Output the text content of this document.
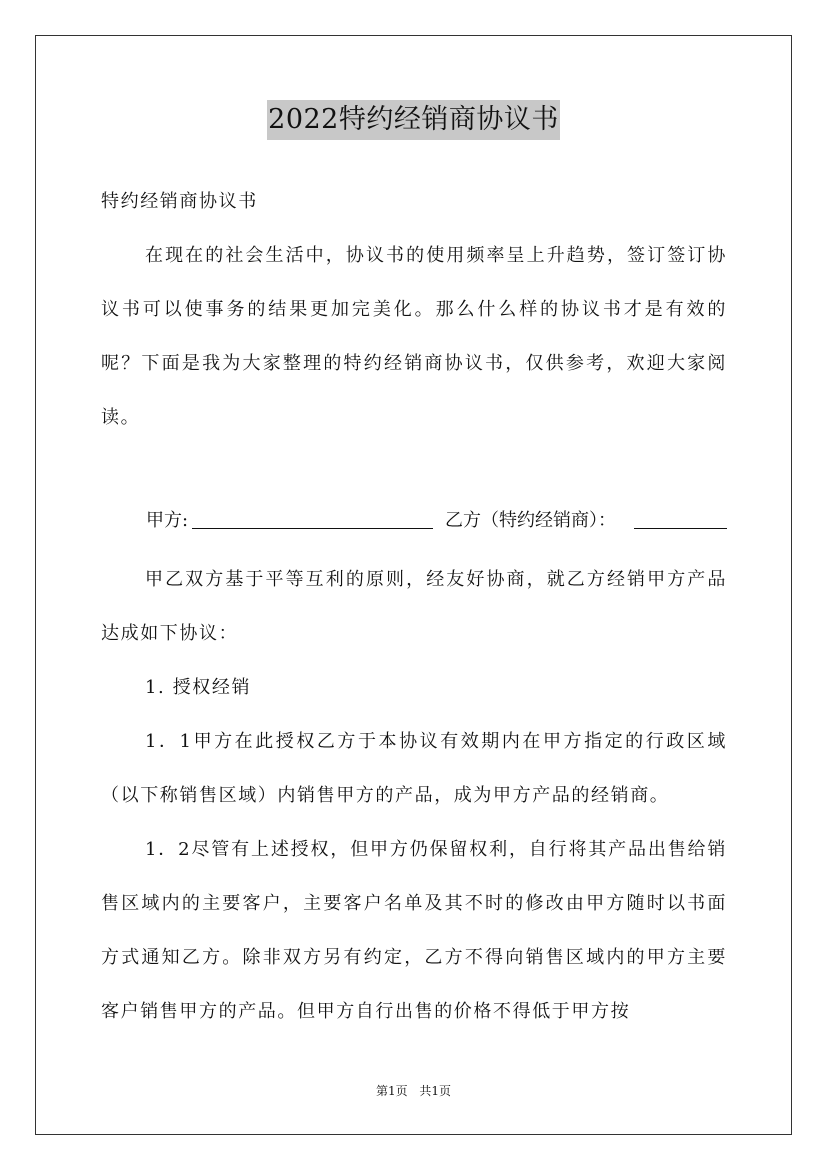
2022特约经销商协议书

特约经销商协议书

在现在的社会生活中，协议书的使用频率呈上升趋势，签订签订协议书可以使事务的结果更加完美化。那么什么样的协议书才是有效的呢？下面是我为大家整理的特约经销商协议书，仅供参考，欢迎大家阅读。

甲乙双方基于平等互利的原则，经友好协商，就乙方经销甲方产品达成如下协议：

1. 授权经销

1．1甲方在此授权乙方于本协议有效期内在甲方指定的行政区域（以下称销售区域）内销售甲方的产品，成为甲方产品的经销商。

1．2尽管有上述授权，但甲方仍保留权利，自行将其产品出售给销售区域内的主要客户，主要客户名单及其不时的修改由甲方随时以书面方式通知乙方。除非双方另有约定，乙方不得向销售区域内的甲方主要客户销售甲方的产品。但甲方自行出售的价格不得低于甲方按

甲方:	乙方（特约经销商）：
第1页 共1页
